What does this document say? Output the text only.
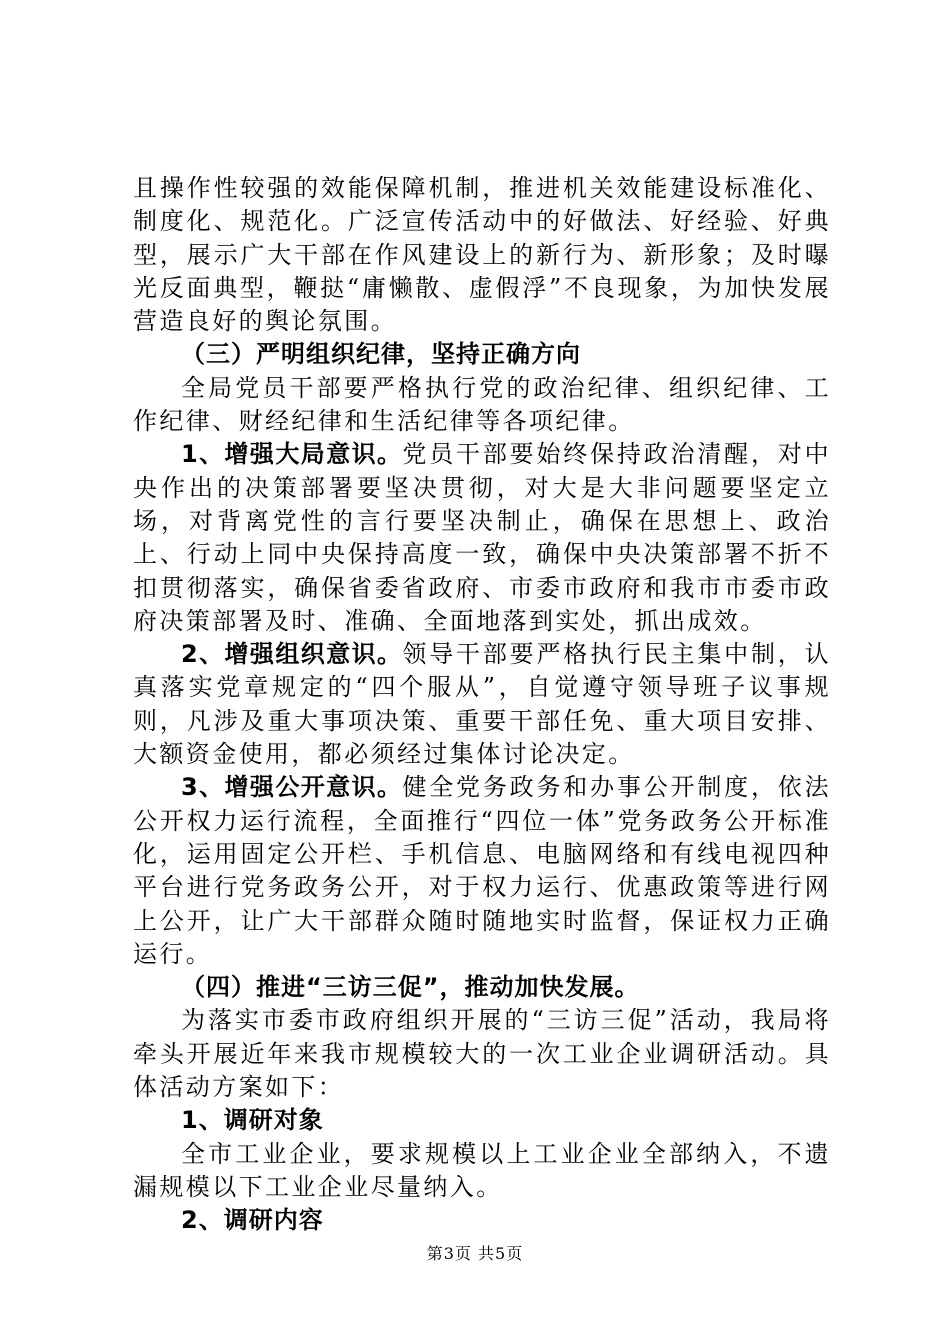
且操作性较强的效能保障机制，推进机关效能建设标准化、制度化、规范化。广泛宣传活动中的好做法、好经验、好典型，展示广大干部在作风建设上的新行为、新形象；及时曝光反面典型，鞭挞“庸懒散、虚假浮”不良现象，为加快发展营造良好的舆论氛围。

（三）严明组织纪律，坚持正确方向

全局党员干部要严格执行党的政治纪律、组织纪律、工作纪律、财经纪律和生活纪律等各项纪律。

1、增强大局意识。党员干部要始终保持政治清醒，对中央作出的决策部署要坚决贯彻，对大是大非问题要坚定立场，对背离党性的言行要坚决制止，确保在思想上、政治上、行动上同中央保持高度一致，确保中央决策部署不折不扣贯彻落实，确保省委省政府、市委市政府和我市市委市政府决策部署及时、准确、全面地落到实处，抓出成效。

2、增强组织意识。领导干部要严格执行民主集中制，认真落实党章规定的“四个服从”，自觉遵守领导班子议事规则，凡涉及重大事项决策、重要干部任免、重大项目安排、大额资金使用，都必须经过集体讨论决定。

3、增强公开意识。健全党务政务和办事公开制度，依法公开权力运行流程，全面推行“四位一体”党务政务公开标准化，运用固定公开栏、手机信息、电脑网络和有线电视四种平台进行党务政务公开，对于权力运行、优惠政策等进行网上公开，让广大干部群众随时随地实时监督，保证权力正确运行。

（四）推进“三访三促”，推动加快发展。

为落实市委市政府组织开展的“三访三促”活动，我局将牵头开展近年来我市规模较大的一次工业企业调研活动。具体活动方案如下：

1、调研对象

全市工业企业，要求规模以上工业企业全部纳入，不遗漏规模以下工业企业尽量纳入。

2、调研内容

第3页 共5页
